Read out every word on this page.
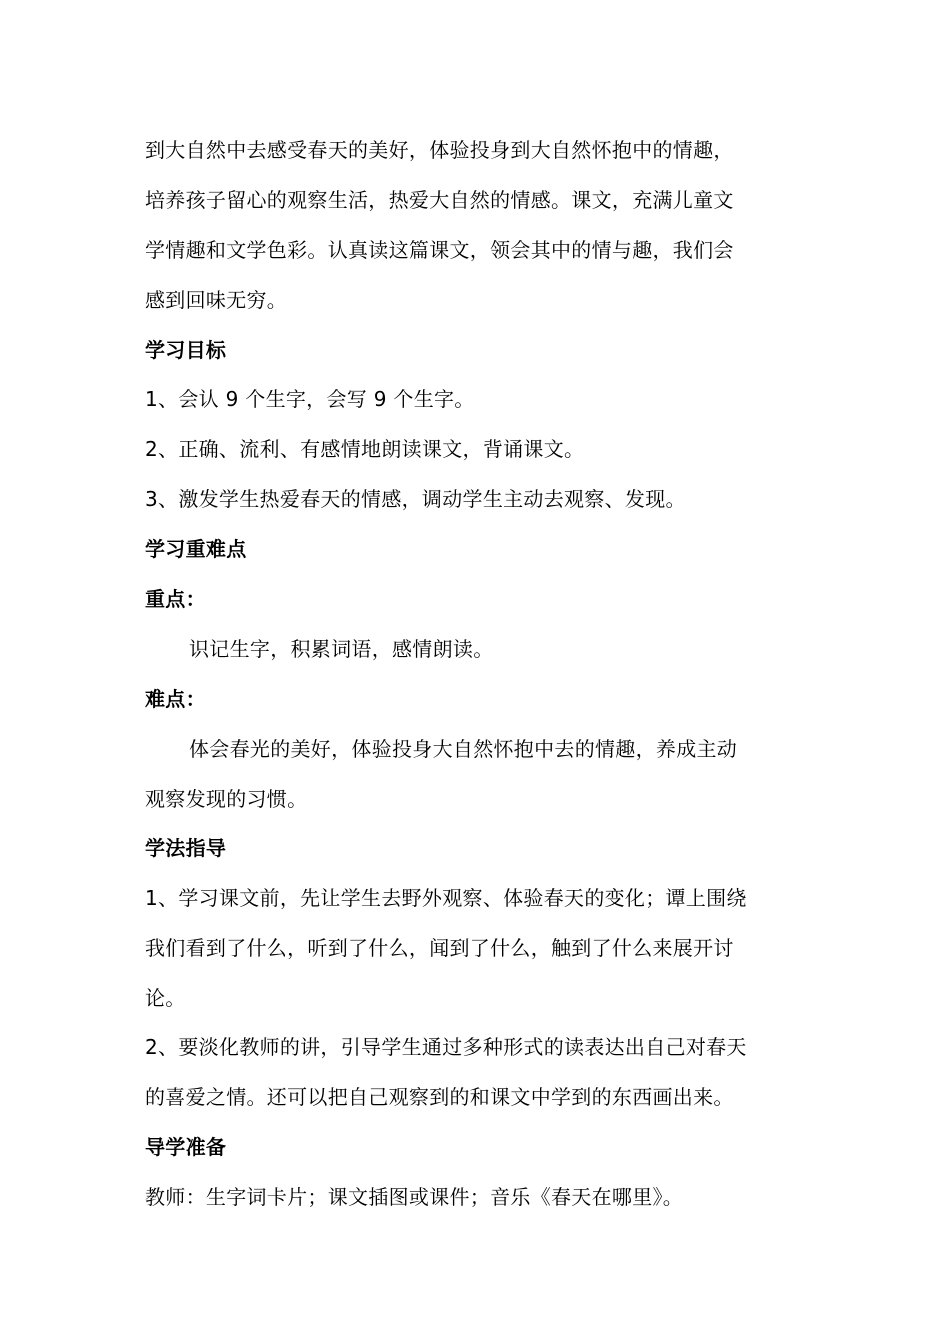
到大自然中去感受春天的美好，体验投身到大自然怀抱中的情趣，
培养孩子留心的观察生活，热爱大自然的情感。课文，充满儿童文
学情趣和文学色彩。认真读这篇课文，领会其中的情与趣，我们会
感到回味无穷。
学习目标
1、会认 9 个生字，会写 9 个生字。
2、正确、流利、有感情地朗读课文，背诵课文。
3、激发学生热爱春天的情感，调动学生主动去观察、发现。
学习重难点
重点：
识记生字，积累词语，感情朗读。
难点：
体会春光的美好，体验投身大自然怀抱中去的情趣，养成主动
观察发现的习惯。
学法指导
1、学习课文前，先让学生去野外观察、体验春天的变化；谭上围绕
我们看到了什么，听到了什么，闻到了什么，触到了什么来展开讨
论。
2、要淡化教师的讲，引导学生通过多种形式的读表达出自己对春天
的喜爱之情。还可以把自己观察到的和课文中学到的东西画出来。
导学准备
教师：生字词卡片；课文插图或课件；音乐《春天在哪里》。
